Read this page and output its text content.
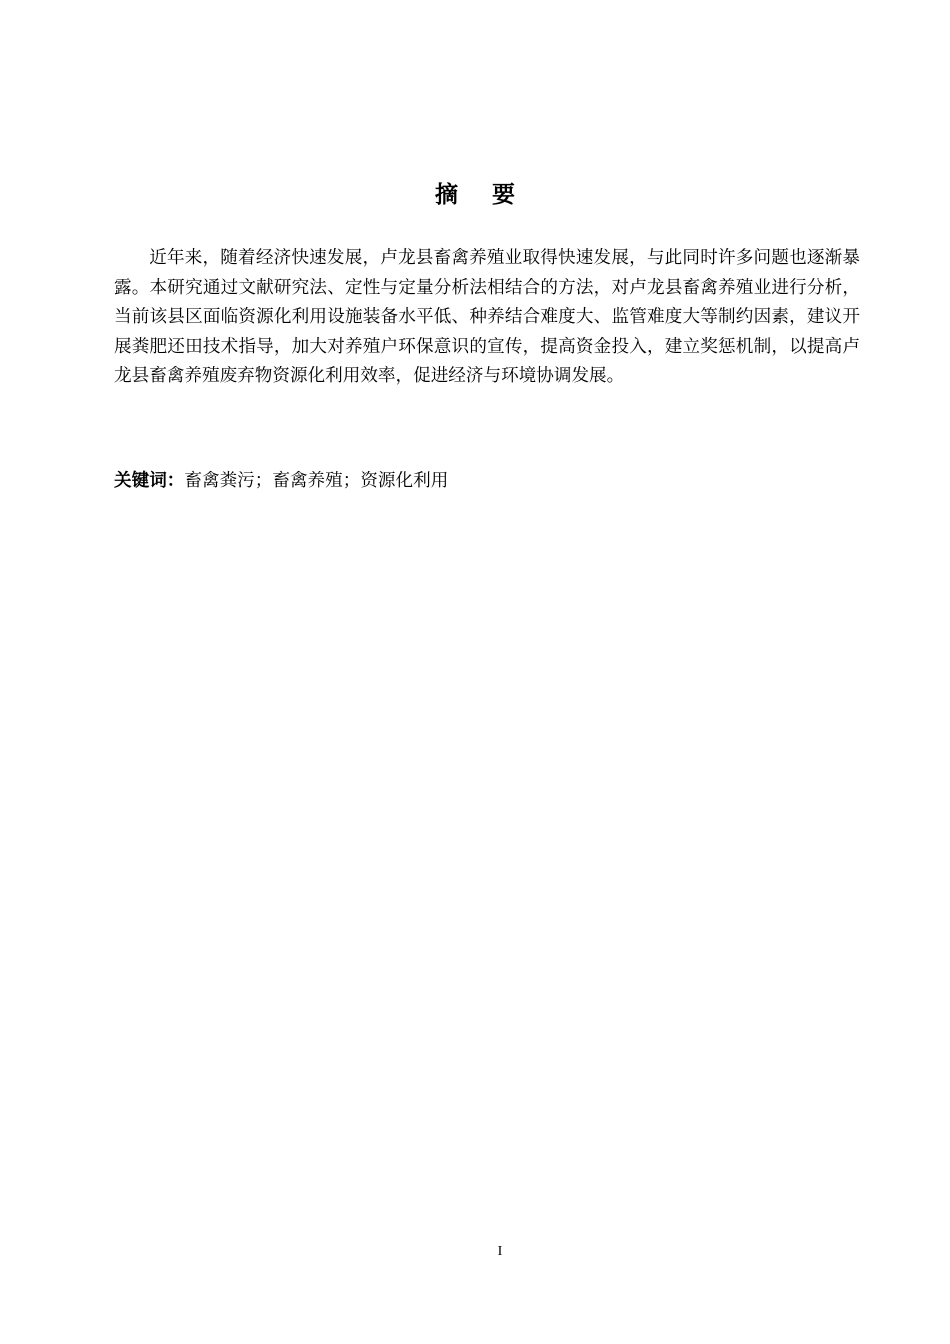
摘要

近年来，随着经济快速发展，卢龙县畜禽养殖业取得快速发展，与此同时许多问题也逐渐暴露。本研究通过文献研究法、定性与定量分析法相结合的方法，对卢龙县畜禽养殖业进行分析，当前该县区面临资源化利用设施装备水平低、种养结合难度大、监管难度大等制约因素，建议开展粪肥还田技术指导，加大对养殖户环保意识的宣传，提高资金投入，建立奖惩机制，以提高卢龙县畜禽养殖废弃物资源化利用效率，促进经济与环境协调发展。

关键词：畜禽粪污；畜禽养殖；资源化利用

I
